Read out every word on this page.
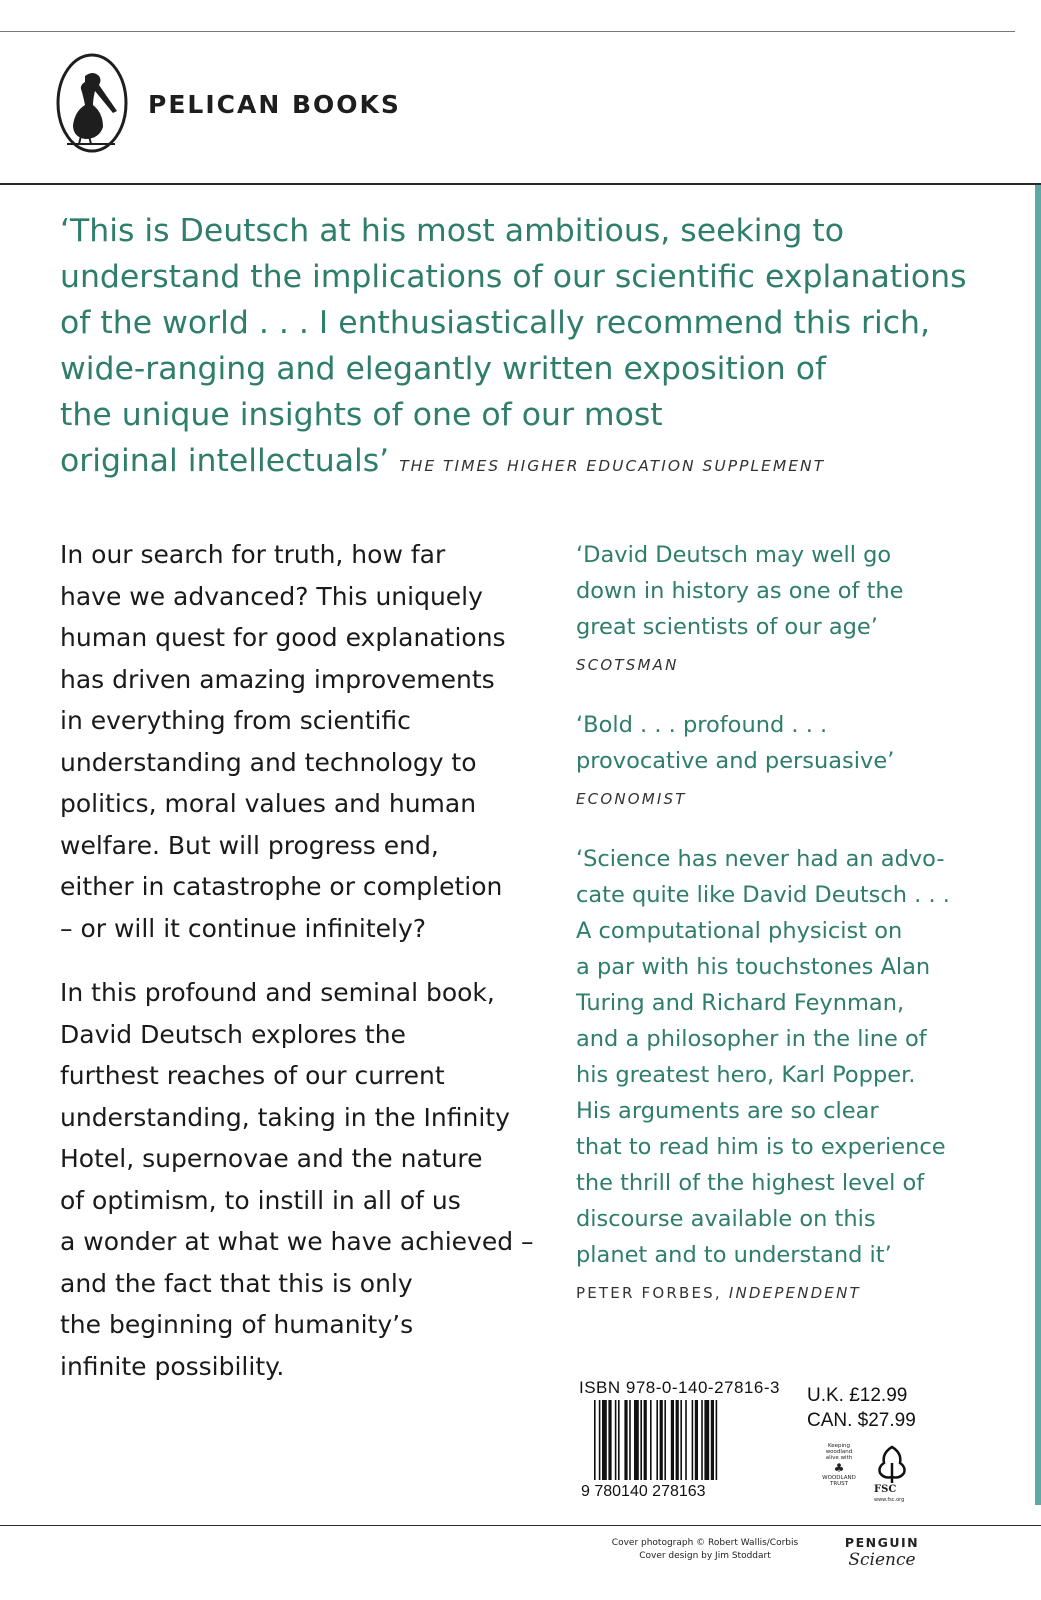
PELICAN BOOKS
‘This is Deutsch at his most ambitious, seeking to
understand the implications of our scientific explanations
of the world . . . I enthusiastically recommend this rich,
wide-ranging and elegantly written exposition of
the unique insights of one of our most
original intellectuals’ THE TIMES HIGHER EDUCATION SUPPLEMENT
In our search for truth, how far
have we advanced? This uniquely
human quest for good explanations
has driven amazing improvements
in everything from scientific
understanding and technology to
politics, moral values and human
welfare. But will progress end,
either in catastrophe or completion
– or will it continue infinitely?
In this profound and seminal book,
David Deutsch explores the
furthest reaches of our current
understanding, taking in the Infinity
Hotel, supernovae and the nature
of optimism, to instill in all of us
a wonder at what we have achieved –
and the fact that this is only
the beginning of humanity’s
infinite possibility.
‘David Deutsch may well go
down in history as one of the
great scientists of our age’
SCOTSMAN
‘Bold . . . profound . . .
provocative and persuasive’
ECONOMIST
‘Science has never had an advo-
cate quite like David Deutsch . . .
A computational physicist on
a par with his touchstones Alan
Turing and Richard Feynman,
and a philosopher in the line of
his greatest hero, Karl Popper.
His arguments are so clear
that to read him is to experience
the thrill of the highest level of
discourse available on this
planet and to understand it’
PETER FORBES, INDEPENDENT
ISBN 978-0-140-27816-3
9 780140 278163
U.K. £12.99
CAN. $27.99
Keeping
woodland
alive with
♣
WOODLAND
TRUST	FSC
www.fsc.org
Cover photograph © Robert Wallis/Corbis
Cover design by Jim Stoddart
PENGUIN
Science
